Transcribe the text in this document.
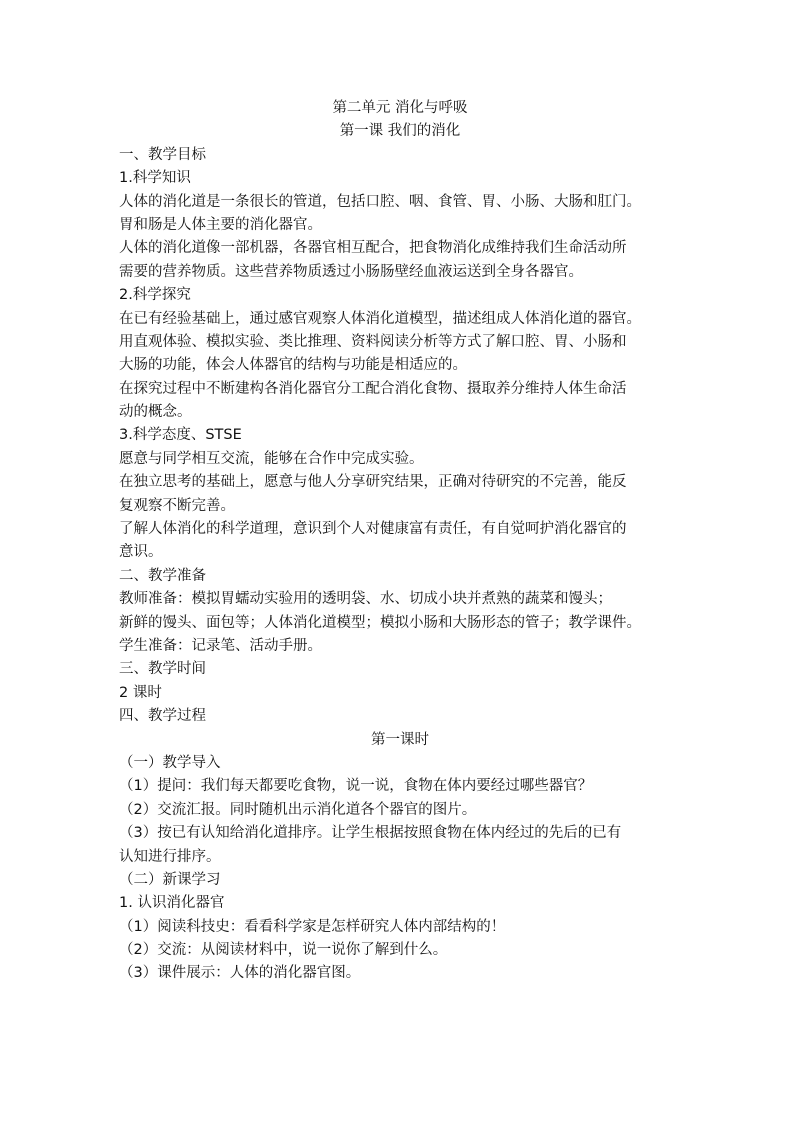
第二单元 消化与呼吸
第一课 我们的消化
一、教学目标
1.科学知识
人体的消化道是一条很长的管道，包括口腔、咽、食管、胃、小肠、大肠和肛门。
胃和肠是人体主要的消化器官。
人体的消化道像一部机器，各器官相互配合，把食物消化成维持我们生命活动所
需要的营养物质。这些营养物质透过小肠肠壁经血液运送到全身各器官。
2.科学探究
在已有经验基础上，通过感官观察人体消化道模型，描述组成人体消化道的器官。
用直观体验、模拟实验、类比推理、资料阅读分析等方式了解口腔、胃、小肠和
大肠的功能，体会人体器官的结构与功能是相适应的。
在探究过程中不断建构各消化器官分工配合消化食物、摄取养分维持人体生命活
动的概念。
3.科学态度、STSE
愿意与同学相互交流，能够在合作中完成实验。
在独立思考的基础上，愿意与他人分享研究结果，正确对待研究的不完善，能反
复观察不断完善。
了解人体消化的科学道理，意识到个人对健康富有责任，有自觉呵护消化器官的
意识。
二、教学准备
教师准备：模拟胃蠕动实验用的透明袋、水、切成小块并煮熟的蔬菜和馒头；
新鲜的馒头、面包等；人体消化道模型；模拟小肠和大肠形态的管子；教学课件。
学生准备：记录笔、活动手册。
三、教学时间
2 课时
四、教学过程
第一课时
（一）教学导入
（1）提问：我们每天都要吃食物，说一说，食物在体内要经过哪些器官？
（2）交流汇报。同时随机出示消化道各个器官的图片。
（3）按已有认知给消化道排序。让学生根据按照食物在体内经过的先后的已有
认知进行排序。
（二）新课学习
1. 认识消化器官
（1）阅读科技史：看看科学家是怎样研究人体内部结构的！
（2）交流：从阅读材料中，说一说你了解到什么。
（3）课件展示：人体的消化器官图。
